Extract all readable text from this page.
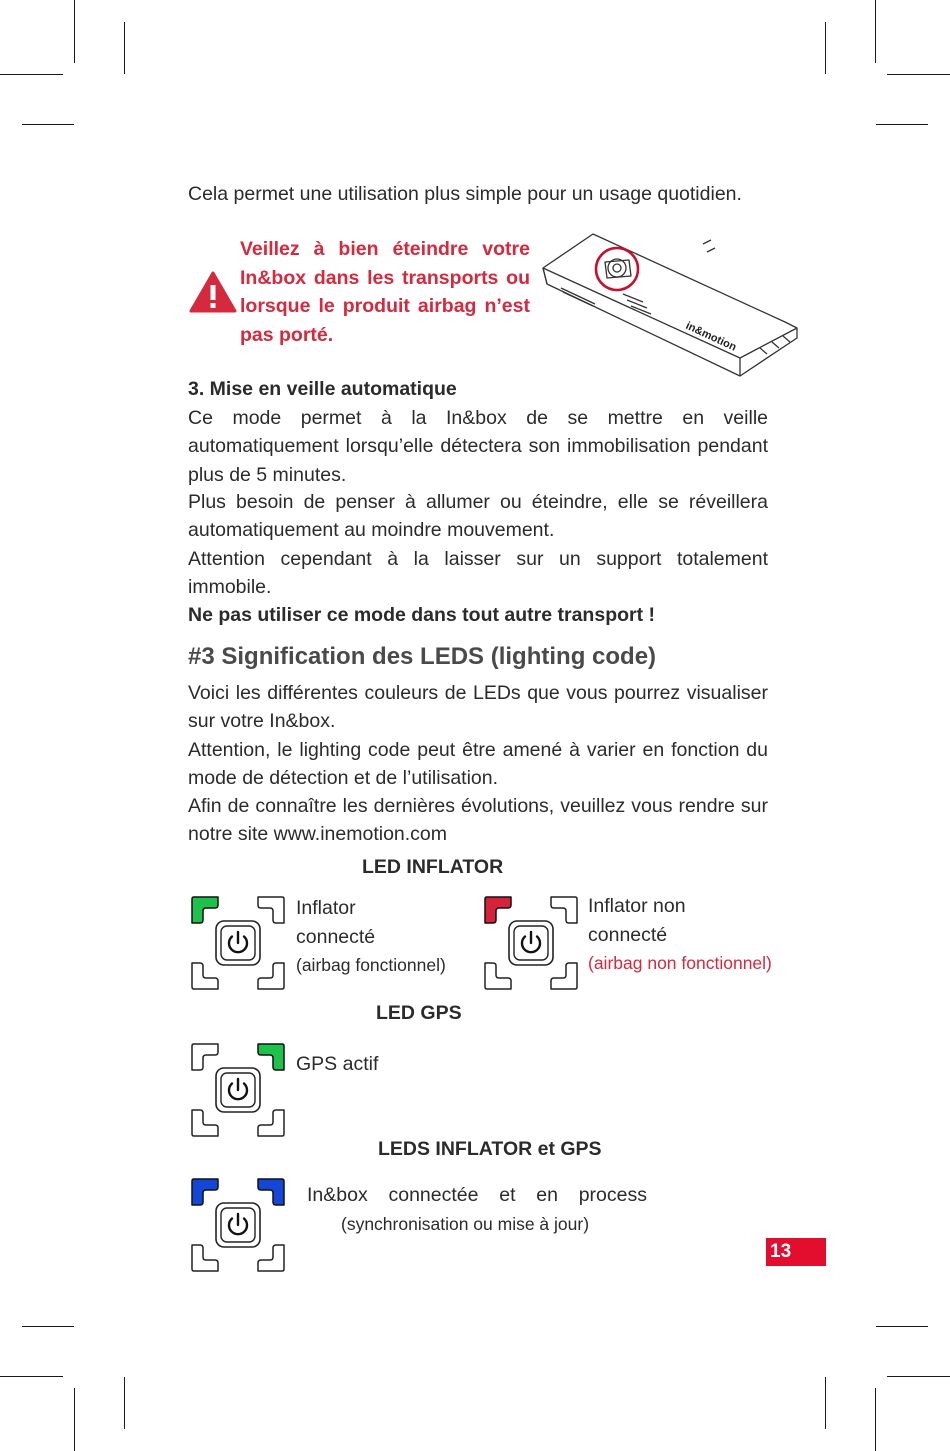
Cela permet une utilisation plus simple pour un usage quotidien.

Veillez à bien éteindre votre In&box dans les transports ou lorsque le produit airbag n’est pas porté.	in&motion

3. Mise en veille automatique

Ce mode permet à la In&box de se mettre en veille automatiquement lorsqu’elle détectera son immobilisation pendant plus de 5 minutes.

Plus besoin de penser à allumer ou éteindre, elle se réveillera automatiquement au moindre mouvement.

Attention cependant à la laisser sur un support totalement immobile.

Ne pas utiliser ce mode dans tout autre transport !

#3 Signification des LEDS (lighting code)

Voici les différentes couleurs de LEDs que vous pourrez visualiser sur votre In&box.

Attention, le lighting code peut être amené à varier en fonction du mode de détection et de l’utilisation.

Afin de connaître les dernières évolutions, veuillez vous rendre sur notre site www.inemotion.com

LED INFLATOR
Inflator
connecté
(airbag fonctionnel)
Inflator non
connecté
(airbag non fonctionnel)
LED GPS
GPS actif
LEDS INFLATOR et GPS
In&box connectée et en process
(synchronisation ou mise à jour)
13
